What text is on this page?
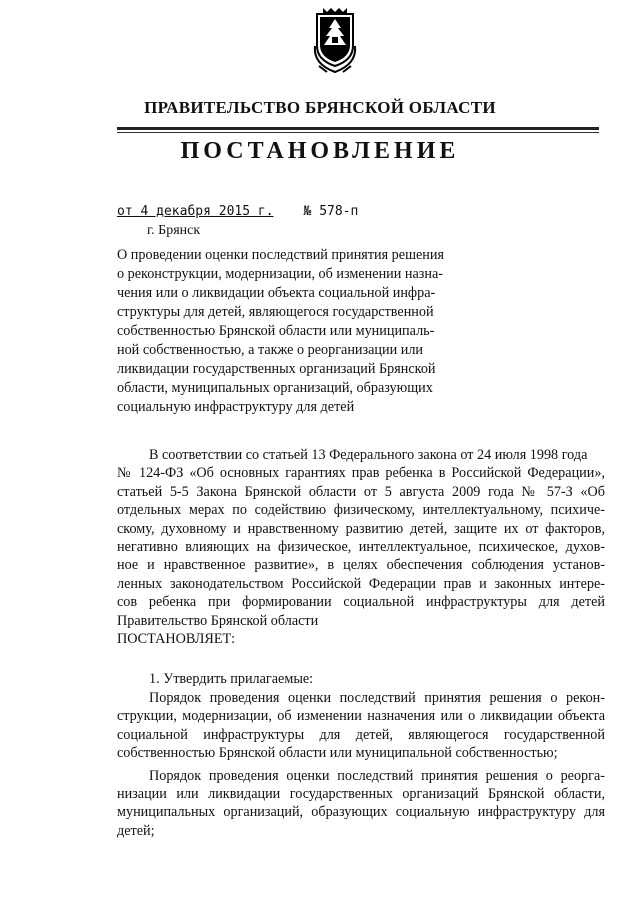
ПРАВИТЕЛЬСТВО БРЯНСКОЙ ОБЛАСТИ
ПОСТАНОВЛЕНИЕ
от 4 декабря 2015 г. № 578-п
г. Брянск
О проведении оценки последствий принятия решения
о реконструкции, модернизации, об изменении назна-
чения или о ликвидации объекта социальной инфра-
структуры для детей, являющегося государственной
собственностью Брянской области или муниципаль-
ной собственностью, а также о реорганизации или
ликвидации государственных организаций Брянской
области, муниципальных организаций, образующих
социальную инфраструктуру для детей
В соответствии со статьей 13 Федерального закона от 24 июля 1998 года
№ 124-ФЗ «Об основных гарантиях прав ребенка в Российской Федерации»,
статьей 5-5 Закона Брянской области от 5 августа 2009 года № 57-З «Об
отдельных мерах по содействию физическому, интеллектуальному, психиче-
скому, духовному и нравственному развитию детей, защите их от факторов,
негативно влияющих на физическое, интеллектуальное, психическое, духов-
ное и нравственное развитие», в целях обеспечения соблюдения установ-
ленных законодательством Российской Федерации прав и законных интере-
сов ребенка при формировании социальной инфраструктуры для детей
Правительство Брянской области
ПОСТАНОВЛЯЕТ:
1. Утвердить прилагаемые:
Порядок проведения оценки последствий принятия решения о рекон-
струкции, модернизации, об изменении назначения или о ликвидации объекта
социальной инфраструктуры для детей, являющегося государственной
собственностью Брянской области или муниципальной собственностью;
Порядок проведения оценки последствий принятия решения о реорга-
низации или ликвидации государственных организаций Брянской области,
муниципальных организаций, образующих социальную инфраструктуру для
детей;
